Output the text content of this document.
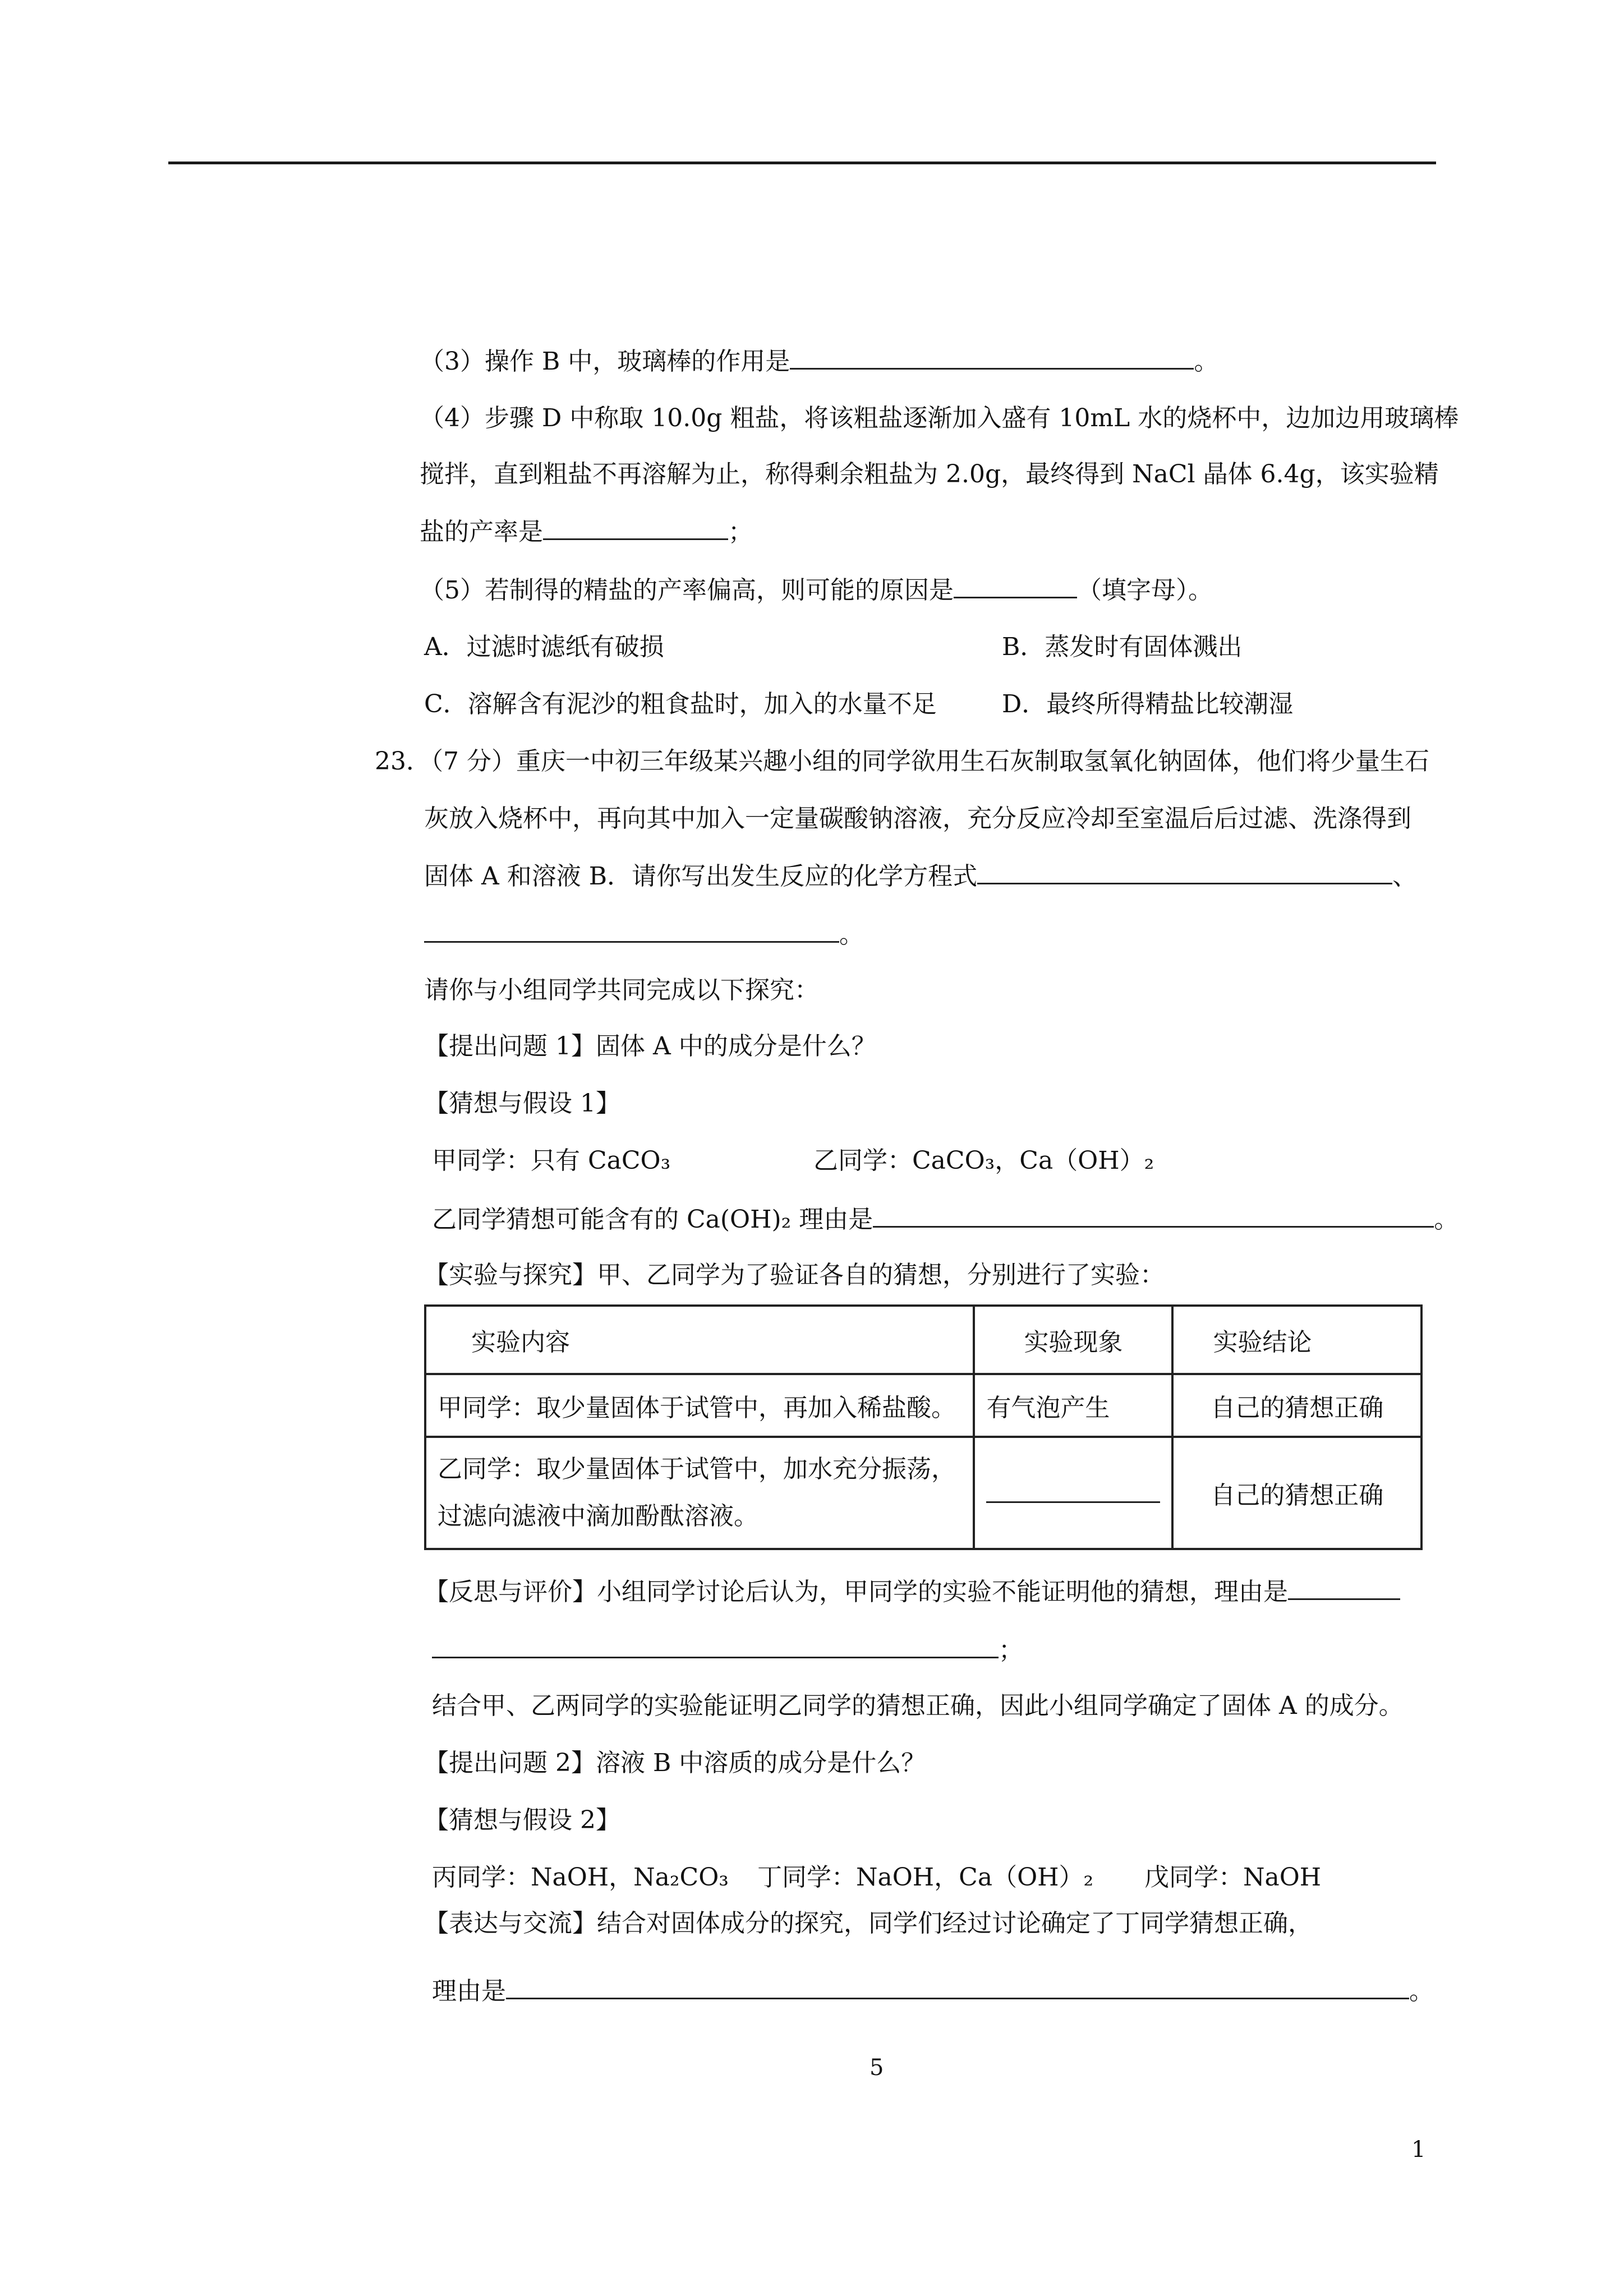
（3）操作 B 中，玻璃棒的作用是	。
（4）步骤 D 中称取 10.0g 粗盐，将该粗盐逐渐加入盛有 10mL 水的烧杯中，边加边用玻璃棒
搅拌，直到粗盐不再溶解为止，称得剩余粗盐为 2.0g，最终得到 NaCl 晶体 6.4g，该实验精
盐的产率是	；
（5）若制得的精盐的产率偏高，则可能的原因是	（填字母）。
A．过滤时滤纸有破损	B．蒸发时有固体溅出
C．溶解含有泥沙的粗食盐时，加入的水量不足	D．最终所得精盐比较潮湿
23．（7 分）重庆一中初三年级某兴趣小组的同学欲用生石灰制取氢氧化钠固体，他们将少量生石
灰放入烧杯中，再向其中加入一定量碳酸钠溶液，充分反应冷却至室温后后过滤、洗涤得到
固体 A 和溶液 B．请你写出发生反应的化学方程式	、
。
请你与小组同学共同完成以下探究：
【提出问题 1】固体 A 中的成分是什么？
【猜想与假设 1】
甲同学：只有 CaCO₃	乙同学：CaCO₃，Ca（OH）₂
乙同学猜想可能含有的 Ca(OH)₂ 理由是	。
【实验与探究】甲、乙同学为了验证各自的猜想，分别进行了实验：
实验内容	实验现象	实验结论
甲同学：取少量固体于试管中，再加入稀盐酸。	有气泡产生	自己的猜想正确

乙同学：取少量固体于试管中，加水充分振荡，
过滤向滤液中滴加酚酞溶液。		自己的猜想正确
【反思与评价】小组同学讨论后认为，甲同学的实验不能证明他的猜想，理由是
；
结合甲、乙两同学的实验能证明乙同学的猜想正确，因此小组同学确定了固体 A 的成分。
【提出问题 2】溶液 B 中溶质的成分是什么？
【猜想与假设 2】
丙同学：NaOH，Na₂CO₃ 丁同学：NaOH，Ca（OH）₂ 戊同学：NaOH
【表达与交流】结合对固体成分的探究，同学们经过讨论确定了丁同学猜想正确，
理由是	。
5
1
